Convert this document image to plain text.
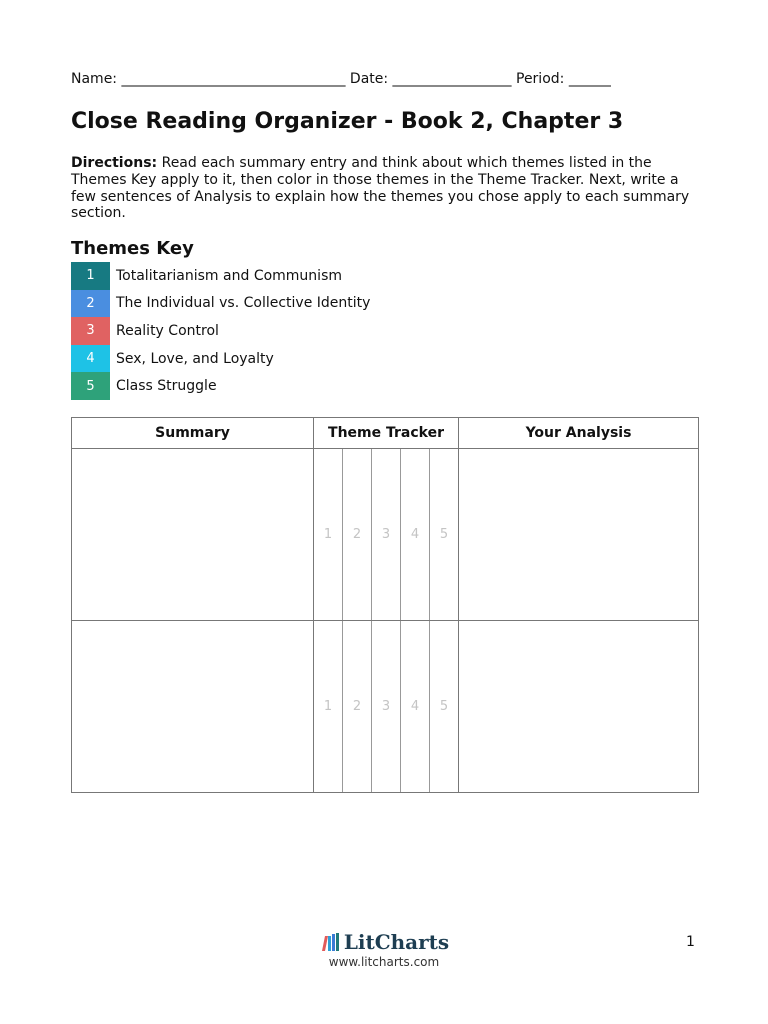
Name: ________________________________ Date: _________________ Period: ______
Close Reading Organizer - Book 2, Chapter 3

Directions: Read each summary entry and think about which themes listed in the Themes Key apply to it, then color in those themes in the Theme Tracker. Next, write a few sentences of Analysis to explain how the themes you chose apply to each summary section.

Themes Key
1	Totalitarianism and Communism
2	The Individual vs. Collective Identity
3	Reality Control
4	Sex, Love, and Loyalty
5	Class Struggle
Summary	Theme Tracker	Your Analysis

1 2 3 4 5	

1 2 3 4 5	

LitCharts
www.litcharts.com
1
